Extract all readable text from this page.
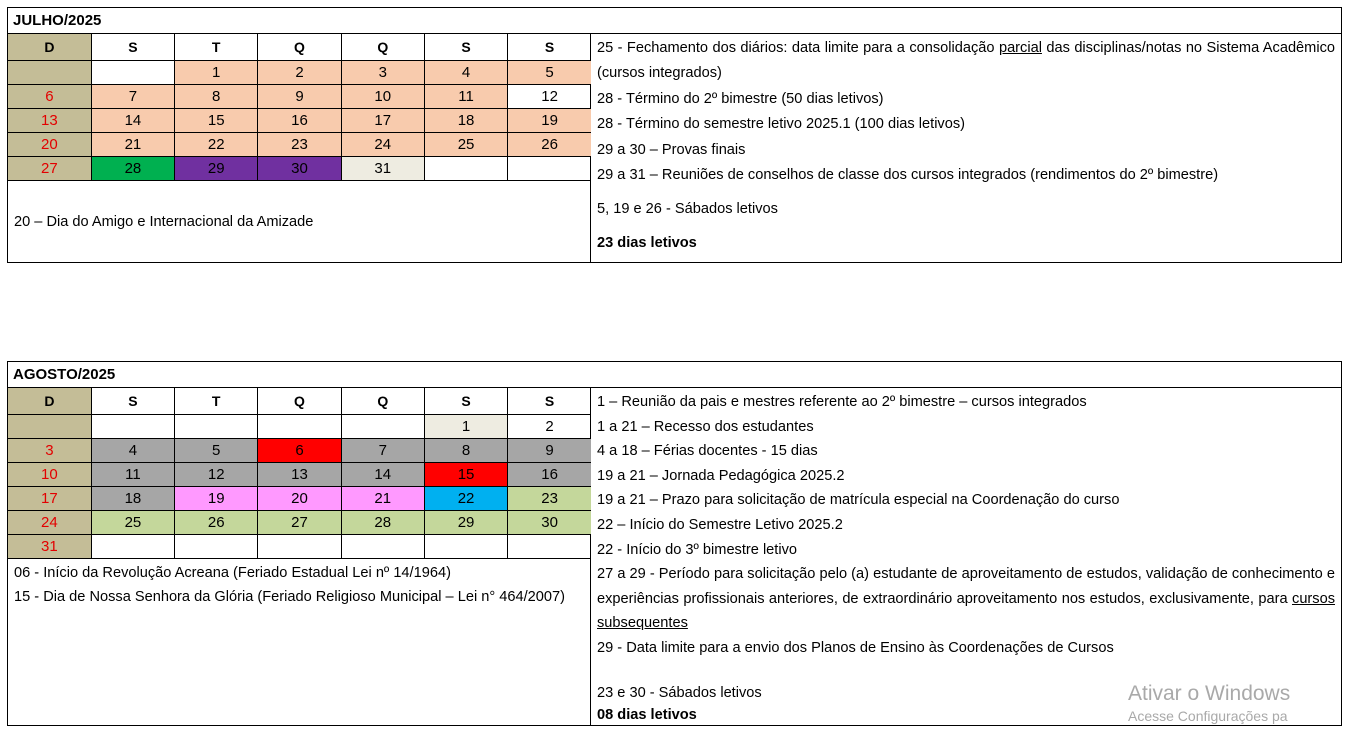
JULHO/2025
D	S	T	Q	Q	S	S
		1	2	3	4	5
6	7	8	9	10	11	12
13	14	15	16	17	18	19
20	21	22	23	24	25	26
27	28	29	30	31		
20 – Dia do Amigo e Internacional da Amizade
25 - Fechamento dos diários: data limite para a consolidação parcial das disciplinas/notas no Sistema Acadêmico (cursos integrados)
28 - Término do 2º bimestre (50 dias letivos)
28 - Término do semestre letivo 2025.1 (100 dias letivos)
29 a 30 – Provas finais
29 a 31 – Reuniões de conselhos de classe dos cursos integrados (rendimentos do 2º bimestre)
5, 19 e 26 - Sábados letivos
23 dias letivos
AGOSTO/2025
D	S	T	Q	Q	S	S
					1	2
3	4	5	6	7	8	9
10	11	12	13	14	15	16
17	18	19	20	21	22	23
24	25	26	27	28	29	30
31						
06 - Início da Revolução Acreana (Feriado Estadual Lei nº 14/1964)
15 - Dia de Nossa Senhora da Glória (Feriado Religioso Municipal – Lei n° 464/2007)
1 – Reunião da pais e mestres referente ao 2º bimestre – cursos integrados
1 a 21 – Recesso dos estudantes
4 a 18 – Férias docentes - 15 dias
19 a 21 – Jornada Pedagógica 2025.2
19 a 21 – Prazo para solicitação de matrícula especial na Coordenação do curso
22 – Início do Semestre Letivo 2025.2
22 - Início do 3º bimestre letivo
27 a 29 - Período para solicitação pelo (a) estudante de aproveitamento de estudos, validação de conhecimento e experiências profissionais anteriores, de extraordinário aproveitamento nos estudos, exclusivamente, para cursos subsequentes
29 - Data limite para a envio dos Planos de Ensino às Coordenações de Cursos
23 e 30 - Sábados letivos
08 dias letivos
Ativar o Windows
Acesse Configurações pa
